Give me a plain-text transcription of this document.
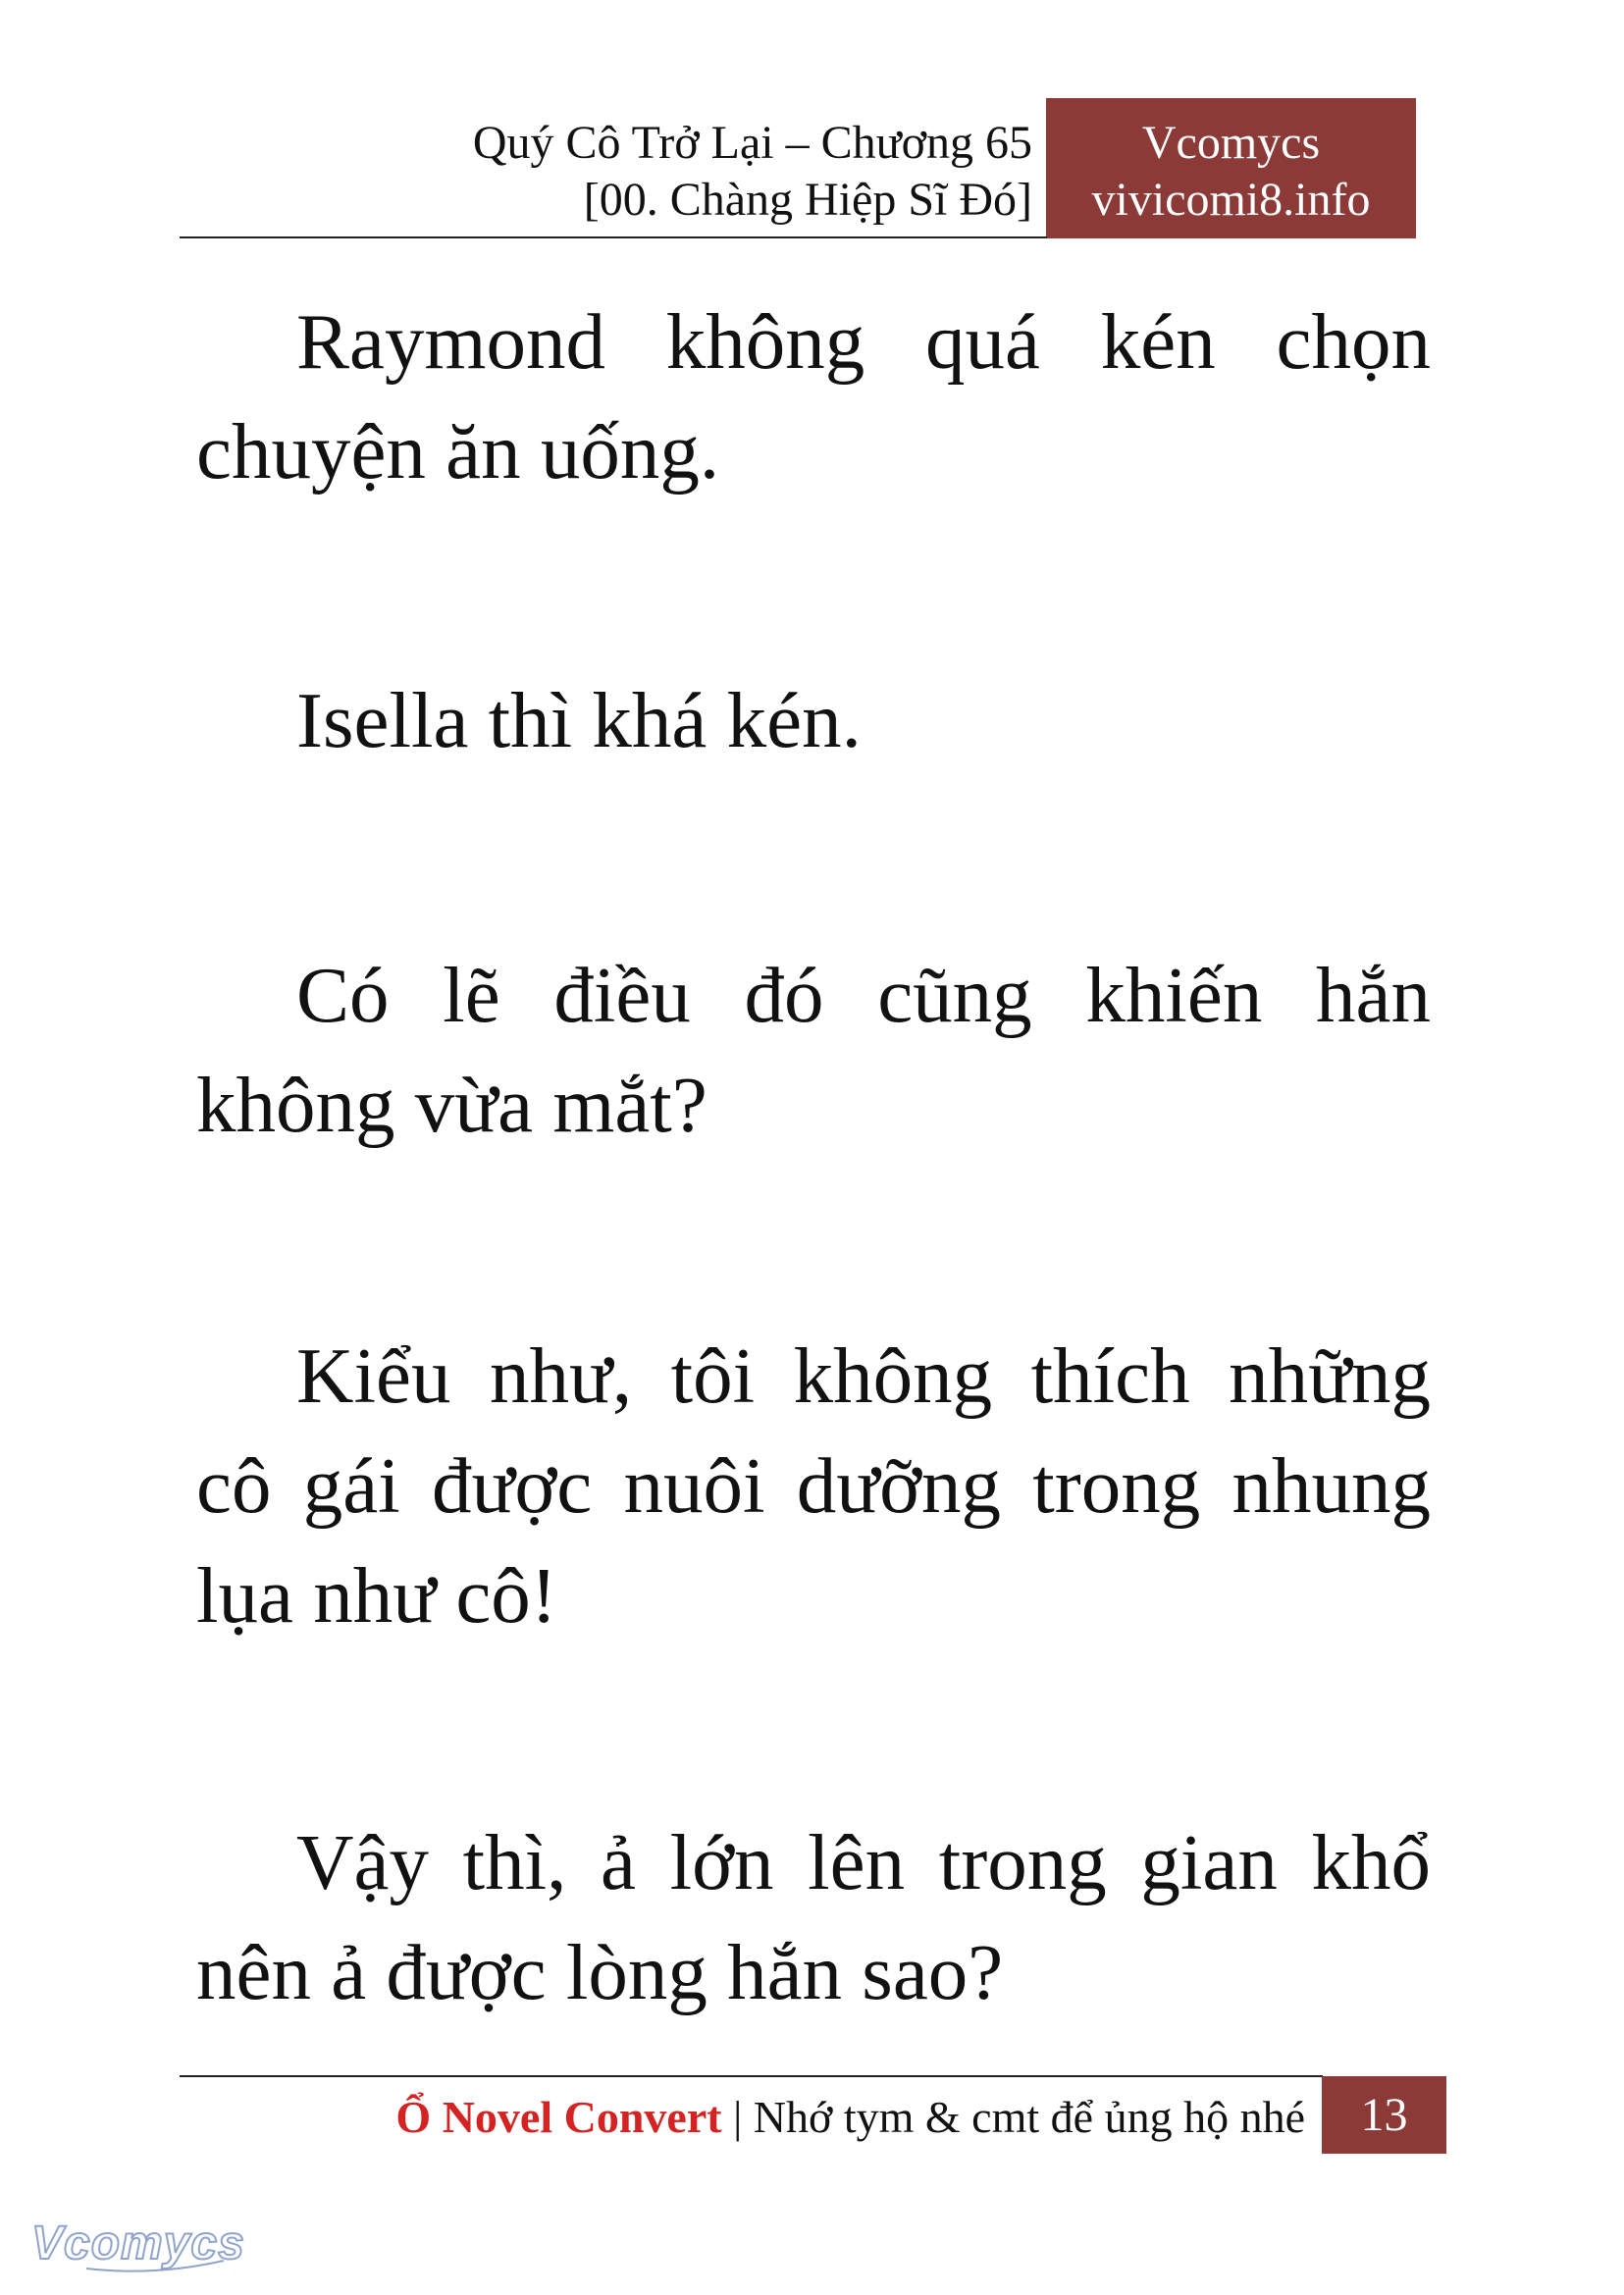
Quý Cô Trở Lại – Chương 65
[00. Chàng Hiệp Sĩ Đó]
Vcomycs
vivicomi8.info

Raymond không quá kén chọn chuyện ăn uống.

Isella thì khá kén.

Có lẽ điều đó cũng khiến hắn không vừa mắt?

Kiểu như, tôi không thích những cô gái được nuôi dưỡng trong nhung lụa như cô!

Vậy thì, ả lớn lên trong gian khổ nên ả được lòng hắn sao?

Ổ Novel Convert | Nhớ tym & cmt để ủng hộ nhé	13
Vcomycs
